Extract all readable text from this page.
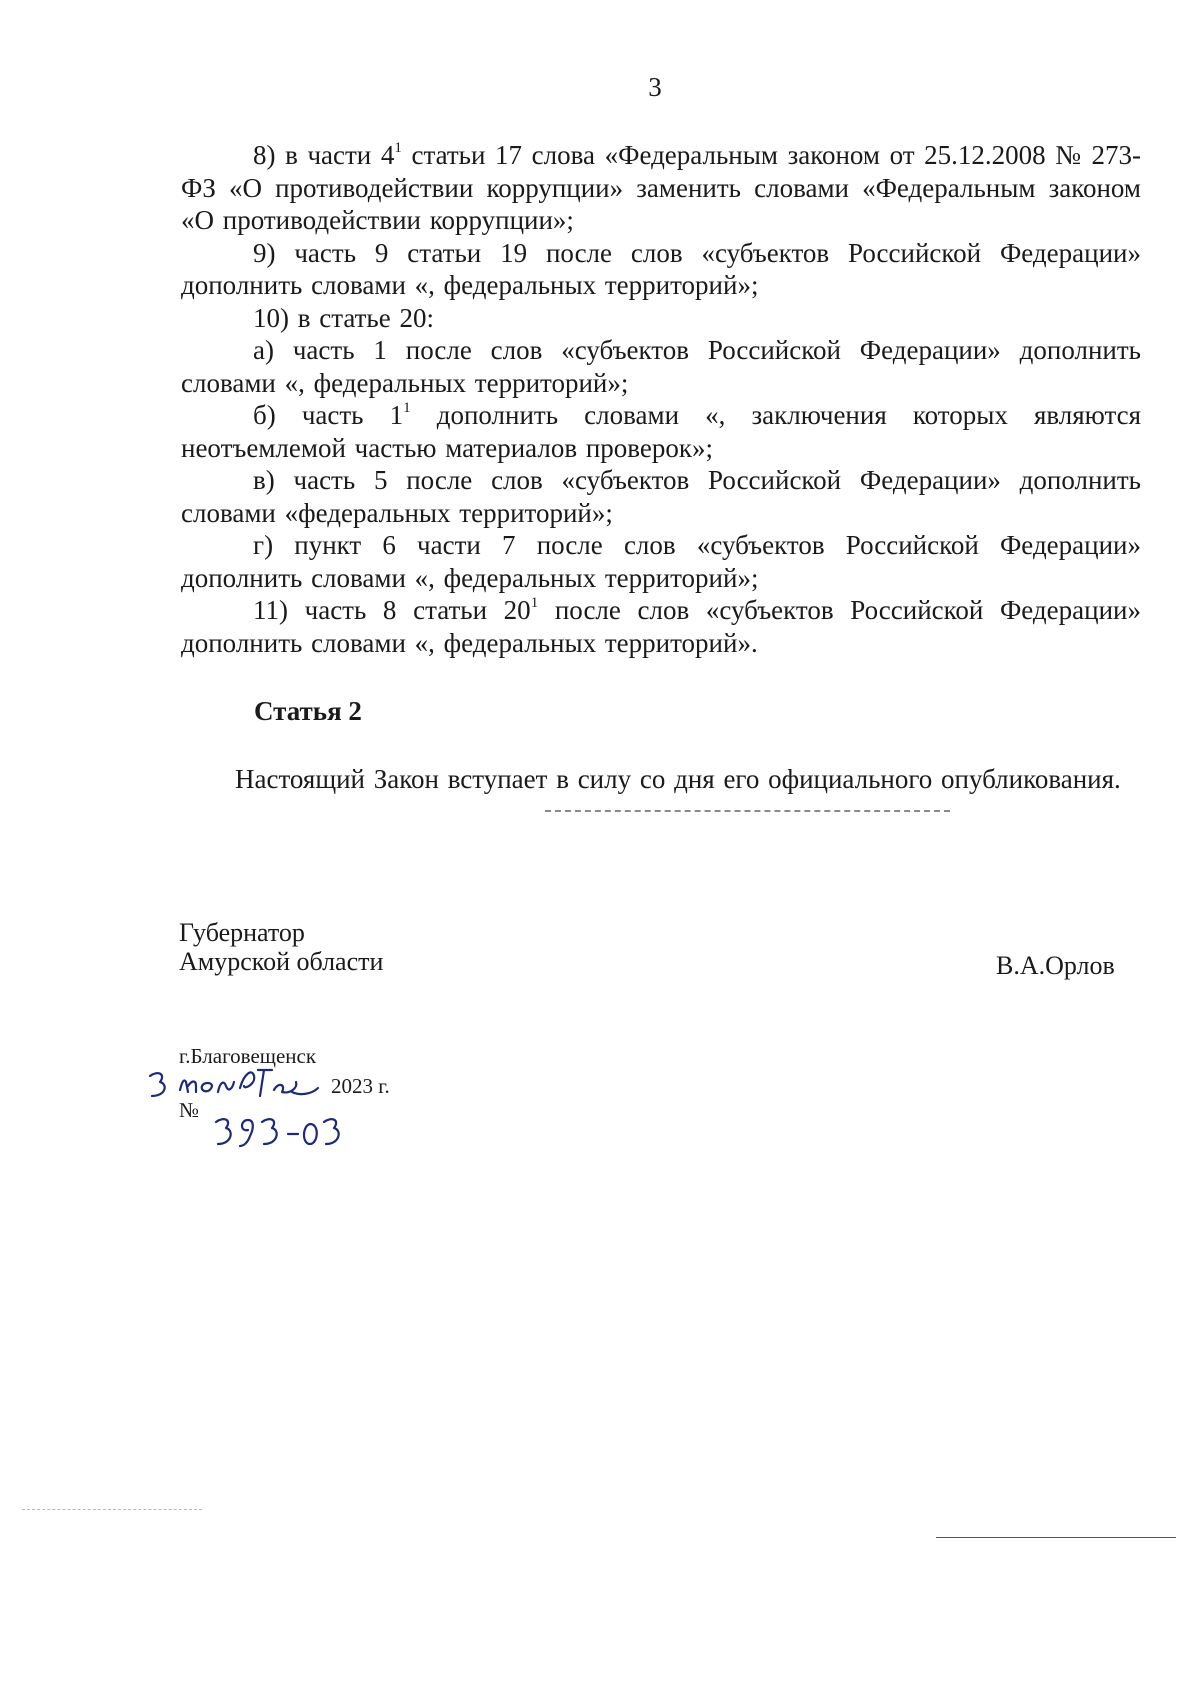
3

8) в части $4^1$ статьи 17 слова «Федеральным законом от 25.12.2008 № 273-ФЗ «О противодействии коррупции» заменить словами «Федеральным законом «О противодействии коррупции»;

9) часть 9 статьи 19 после слов «субъектов Российской Федерации» дополнить словами «, федеральных территорий»;

10) в статье 20:

а) часть 1 после слов «субъектов Российской Федерации» дополнить словами «, федеральных территорий»;

б) часть $1^1$ дополнить словами «, заключения которых являются неотъемлемой частью материалов проверок»;

в) часть 5 после слов «субъектов Российской Федерации» дополнить словами «федеральных территорий»;

г) пункт 6 части 7 после слов «субъектов Российской Федерации» дополнить словами «, федеральных территорий»;

11) часть 8 статьи $20^1$ после слов «субъектов Российской Федерации» дополнить словами «, федеральных территорий».

Статья 2

Настоящий Закон вступает в силу со дня его официального опубликования.

Губернатор
Амурской области	В.А.Орлов
г.Благовещенск
2023 г.
№
